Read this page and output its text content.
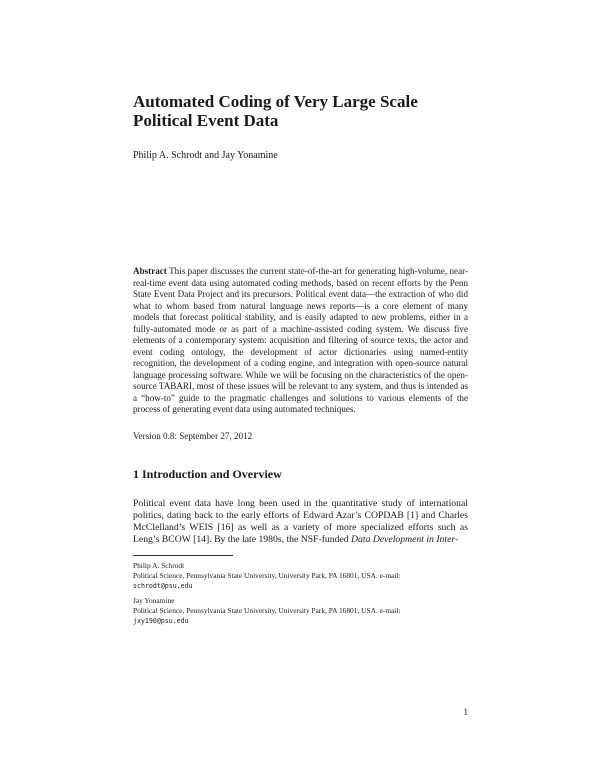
Automated Coding of Very Large Scale Political Event Data
Philip A. Schrodt and Jay Yonamine

Abstract This paper discusses the current state-of-the-art for generating high-volume, near-real-time event data using automated coding methods, based on recent efforts by the Penn State Event Data Project and its precursors. Political event data—the extraction of who did what to whom based from natural language news reports—is a core element of many models that forecast political stability, and is easily adapted to new problems, either in a fully-automated mode or as part of a machine-assisted coding system. We discuss five elements of a contemporary system: acquisition and filtering of source texts, the actor and event coding ontology, the development of actor dictionaries using named-entity recognition, the development of a coding engine, and integration with open-source natural language processing software. While we will be focusing on the characteristics of the open-source TABARI, most of these issues will be relevant to any system, and thus is intended as a “how-to” guide to the pragmatic challenges and solutions to various elements of the process of generating event data using automated techniques.

Version 0.8: September 27, 2012
1 Introduction and Overview

Political event data have long been used in the quantitative study of international politics, dating back to the early efforts of Edward Azar’s COPDAB [1] and Charles McClelland’s WEIS [16] as well as a variety of more specialized efforts such as Leng’s BCOW [14]. By the late 1980s, the NSF-funded Data Development in Inter-

Philip A. Schrodt
Political Science, Pennsylvania State University, University Park, PA 16801, USA. e-mail:
schrodt@psu.edu
Jay Yonamine
Political Science, Pennsylvania State University, University Park, PA 16801, USA. e-mail:
jxy190@psu.edu
1
